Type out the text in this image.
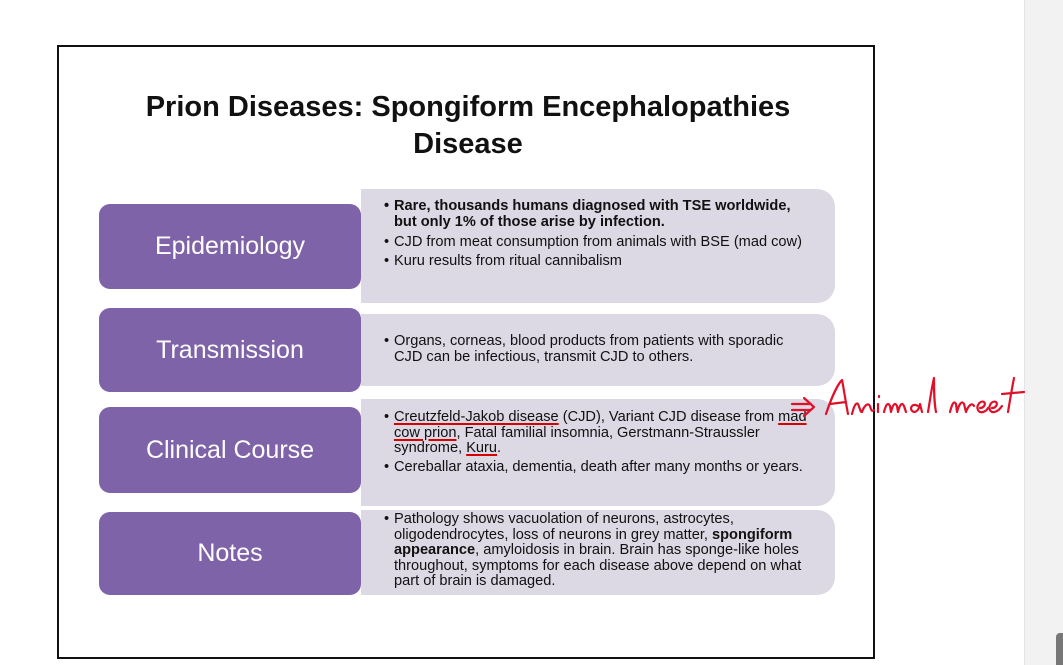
Prion Diseases: Spongiform Encephalopathies
Disease
• Rare, thousands humans diagnosed with TSE worldwide, but only 1% of those arise by infection.
• CJD from meat consumption from animals with BSE (mad cow)
• Kuru results from ritual cannibalism
Epidemiology
• Organs, corneas, blood products from patients with sporadic CJD can be infectious, transmit CJD to others.
Transmission
• Creutzfeld-Jakob disease (CJD), Variant CJD disease from mad cow prion, Fatal familial insomnia, Gerstmann-Straussler syndrome, Kuru.
• Cereballar ataxia, dementia, death after many months or years.
Clinical Course
• Pathology shows vacuolation of neurons, astrocytes, oligodendrocytes, loss of neurons in grey matter, spongiform appearance, amyloidosis in brain. Brain has sponge-like holes throughout, symptoms for each disease above depend on what part of brain is damaged.
Notes
